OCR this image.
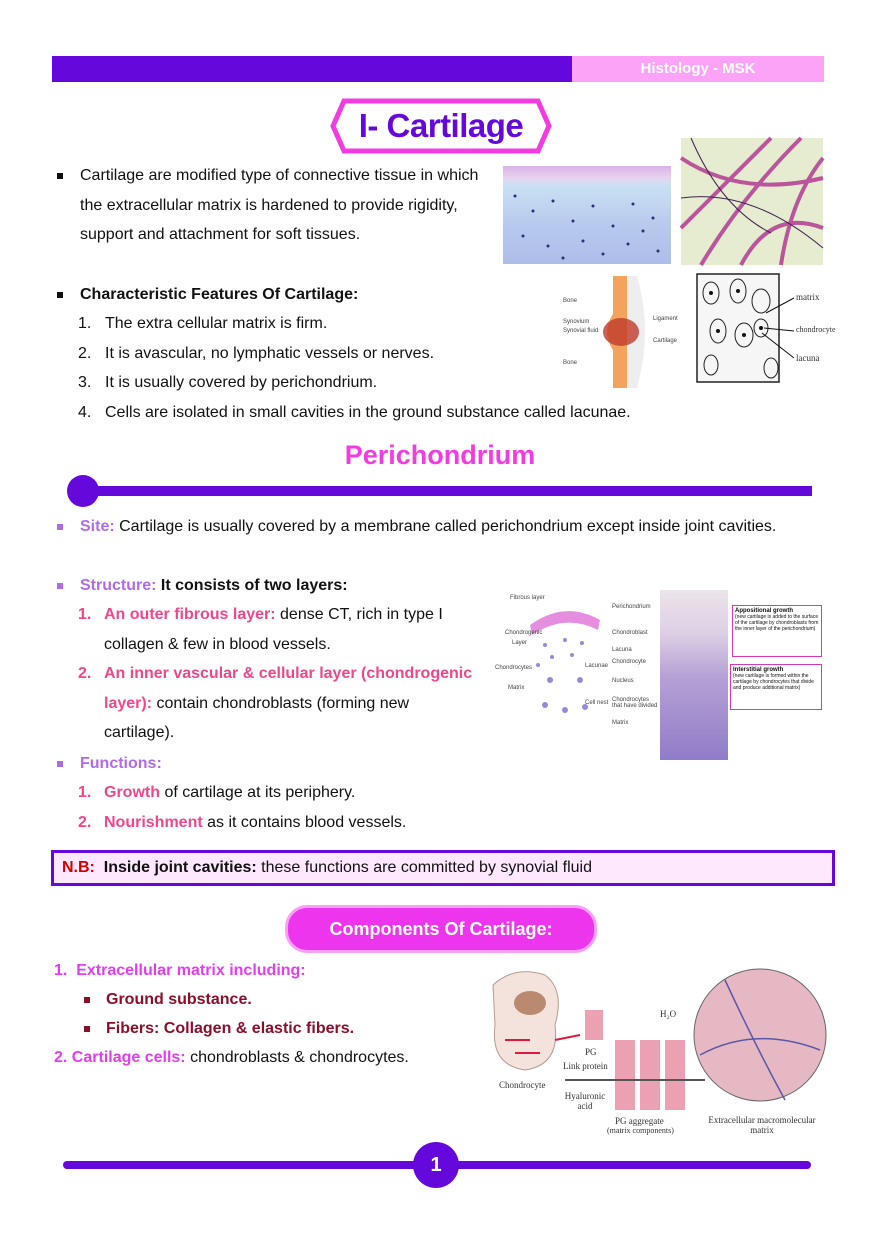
Histology - MSK
I- Cartilage
Cartilage are modified type of connective tissue in which the extracellular matrix is hardened to provide rigidity, support and attachment for soft tissues.
Characteristic Features Of Cartilage:
1. The extra cellular matrix is firm.
2. It is avascular, no lymphatic vessels or nerves.
3. It is usually covered by perichondrium.
4. Cells are isolated in small cavities in the ground substance called lacunae.
Bone
Synovium
Synovial fluid
Bone
Ligament
Cartilage
matrix
chondrocyte
lacuna
Perichondrium
Site: Cartilage is usually covered by a membrane called perichondrium except inside joint cavities.
Structure: It consists of two layers:
1. An outer fibrous layer: dense CT, rich in type I collagen & few in blood vessels.
2. An inner vascular & cellular layer (chondrogenic layer): contain chondroblasts (forming new cartilage).
Functions:
1. Growth of cartilage at its periphery.
2. Nourishment as it contains blood vessels.
Fibrous layer
Chondrogenic
Layer
Chondrocytes
Matrix
Lacunae
Cell nest
Perichondrium
Chondroblast
Lacuna
Chondrocyte
Nucleus
Chondrocytes that have divided
Matrix
Appositional growth
(new cartilage is added to the surface of the cartilage by chondroblasts from the inner layer of the perichondrium)
Interstitial growth
(new cartilage is formed within the cartilage by chondrocytes that divide and produce additional matrix)
N.B: Inside joint cavities: these functions are committed by synovial fluid
Components Of Cartilage:
1.  Extracellular matrix including:
Ground substance.
Fibers: Collagen & elastic fibers.
2. Cartilage cells: chondroblasts & chondrocytes.
Chondrocyte
PG
Link protein
Hyaluronic acid
H₂O
PG aggregate
(matrix components)
Extracellular macromolecular matrix
1
